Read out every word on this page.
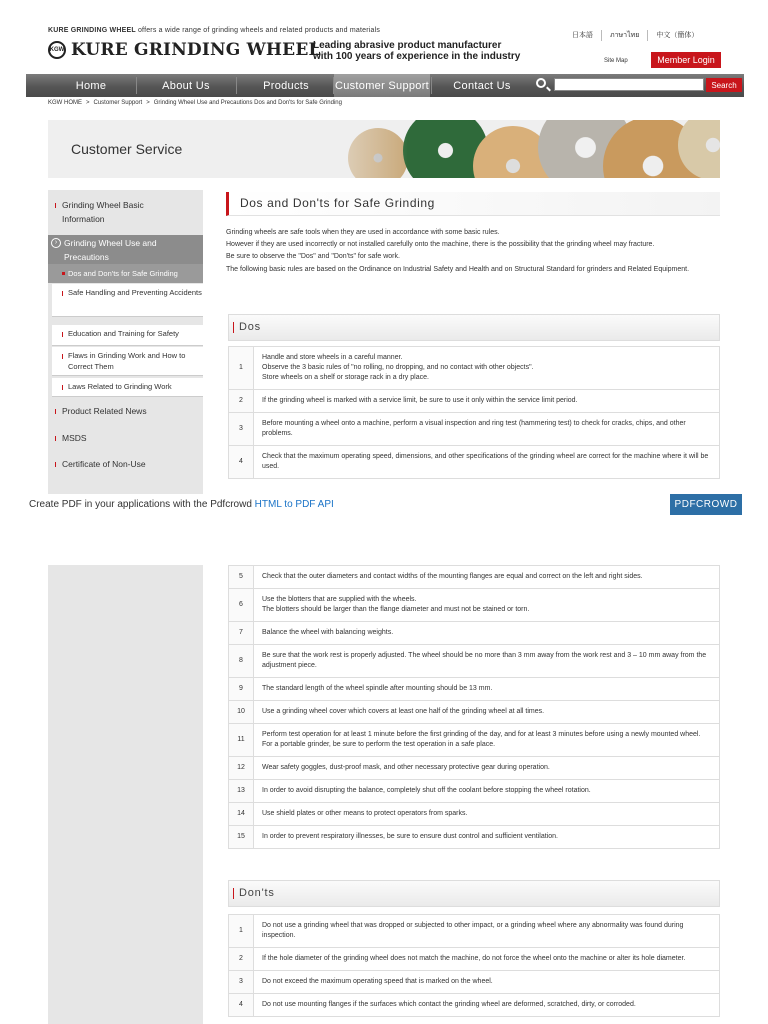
KURE GRINDING WHEEL offers a wide range of grinding wheels and related products and materials
KGW KURE GRINDING WHEEL
Leading abrasive product manufacturer
with 100 years of experience in the industry
日本語	ภาษาไทย	中文（簡体）
Site Map	Member Login
Home	About Us	Products	Customer Support	Contact Us	Search
KGW HOME > Customer Support > Grinding Wheel Use and Precautions Dos and Don'ts for Safe Grinding
Customer Service
Grinding Wheel Basic Information
› Grinding Wheel Use and Precautions
Dos and Don'ts for Safe Grinding
Safe Handling and Preventing Accidents
Education and Training for Safety
Flaws in Grinding Work and How to Correct Them
Laws Related to Grinding Work
Product Related News
MSDS
Certificate of Non-Use
Dos and Don'ts for Safe Grinding

Grinding wheels are safe tools when they are used in accordance with some basic rules.

However if they are used incorrectly or not installed carefully onto the machine, there is the possibility that the grinding wheel may fracture.

Be sure to observe the "Dos" and "Don'ts" for safe work.

The following basic rules are based on the Ordinance on Industrial Safety and Health and on Structural Standard for grinders and Related Equipment.

Dos
1	Handle and store wheels in a careful manner.
Observe the 3 basic rules of "no rolling, no dropping, and no contact with other objects".
Store wheels on a shelf or storage rack in a dry place.
2	If the grinding wheel is marked with a service limit, be sure to use it only within the service limit period.
3	Before mounting a wheel onto a machine, perform a visual inspection and ring test (hammering test) to check for cracks, chips, and other problems.
4	Check that the maximum operating speed, dimensions, and other specifications of the grinding wheel are correct for the machine where it will be used.
Create PDF in your applications with the Pdfcrowd HTML to PDF API	PDFCROWD
5	Check that the outer diameters and contact widths of the mounting flanges are equal and correct on the left and right sides.
6	Use the blotters that are supplied with the wheels.
The blotters should be larger than the flange diameter and must not be stained or torn.
7	Balance the wheel with balancing weights.
8	Be sure that the work rest is properly adjusted. The wheel should be no more than 3 mm away from the work rest and 3 – 10 mm away from the adjustment piece.
9	The standard length of the wheel spindle after mounting should be 13 mm.
10	Use a grinding wheel cover which covers at least one half of the grinding wheel at all times.
11	Perform test operation for at least 1 minute before the first grinding of the day, and for at least 3 minutes before using a newly mounted wheel.
For a portable grinder, be sure to perform the test operation in a safe place.
12	Wear safety goggles, dust-proof mask, and other necessary protective gear during operation.
13	In order to avoid disrupting the balance, completely shut off the coolant before stopping the wheel rotation.
14	Use shield plates or other means to protect operators from sparks.
15	In order to prevent respiratory illnesses, be sure to ensure dust control and sufficient ventilation.
Don'ts
1	Do not use a grinding wheel that was dropped or subjected to other impact, or a grinding wheel where any abnormality was found during inspection.
2	If the hole diameter of the grinding wheel does not match the machine, do not force the wheel onto the machine or alter its hole diameter.
3	Do not exceed the maximum operating speed that is marked on the wheel.
4	Do not use mounting flanges if the surfaces which contact the grinding wheel are deformed, scratched, dirty, or corroded.
